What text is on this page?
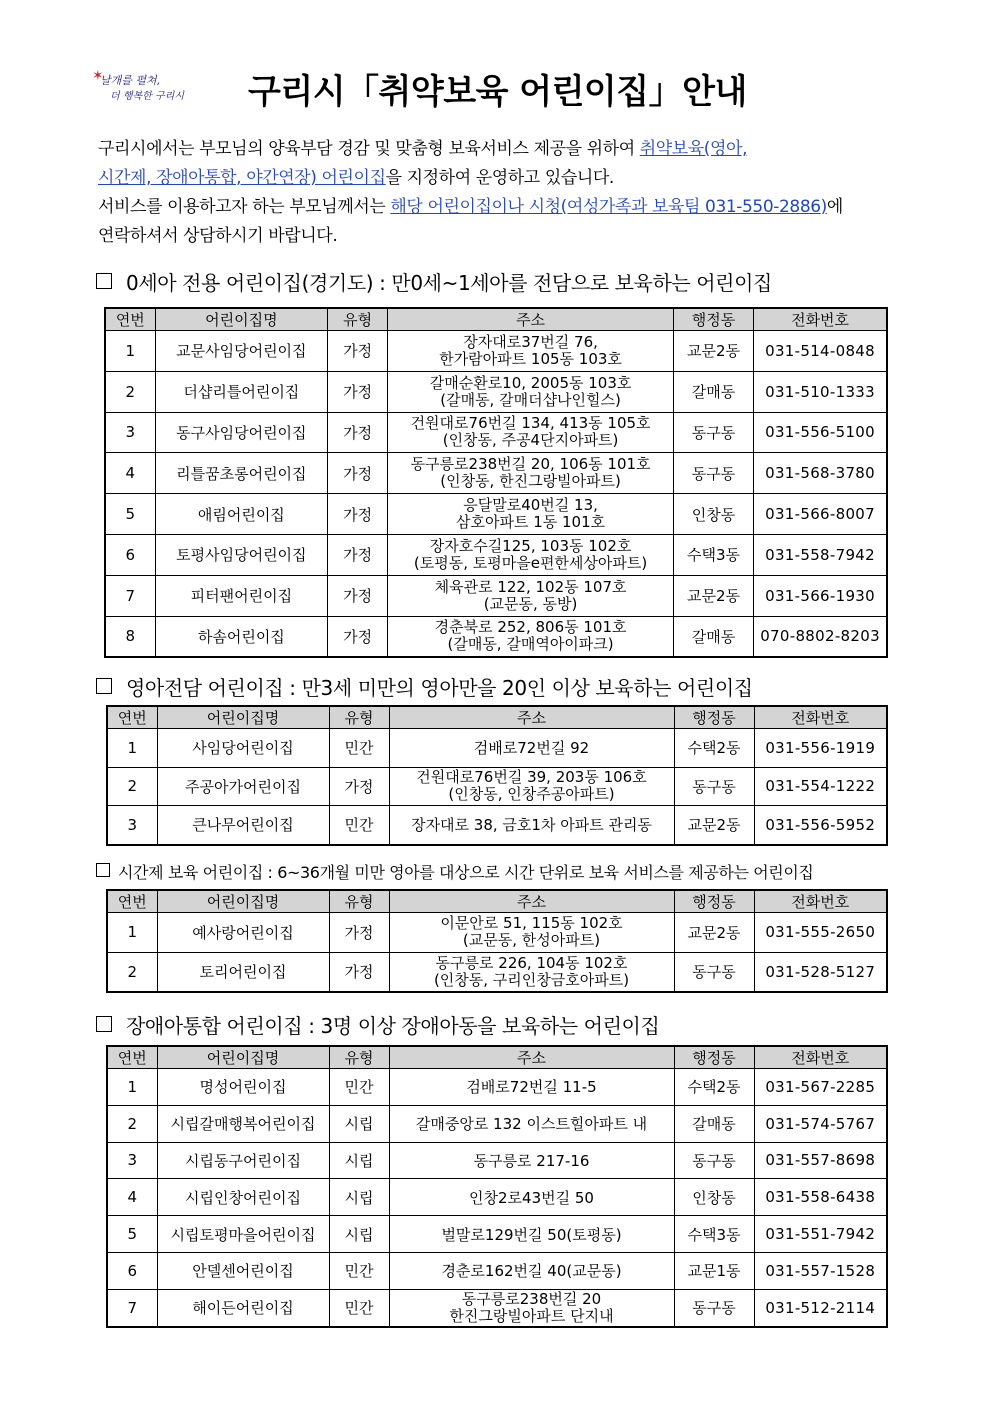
✶
날개를 펼쳐,
더 행복한 구리시 구리시「취약보육 어린이집」안내

구리시에서는 부모님의 양육부담 경감 및 맞춤형 보육서비스 제공을 위하여 취약보육(영아,
시간제, 장애아통합, 야간연장) 어린이집을 지정하여 운영하고 있습니다.

서비스를 이용하고자 하는 부모님께서는 해당 어린이집이나 시청(여성가족과 보육팀 031-550-2886)에
연락하셔서 상담하시기 바랍니다.

0세아 전용 어린이집(경기도) : 만0세~1세아를 전담으로 보육하는 어린이집
연번	어린이집명	유형	주소	행정동	전화번호
1	교문사임당어린이집	가정	장자대로37번길 76,
한가람아파트 105동 103호	교문2동	031-514-0848
2	더샵리틀어린이집	가정	갈매순환로10, 2005동 103호
(갈매동, 갈매더샵나인힐스)	갈매동	031-510-1333
3	동구사임당어린이집	가정	건원대로76번길 134, 413동 105호
(인창동, 주공4단지아파트)	동구동	031-556-5100
4	리틀꿈초롱어린이집	가정	동구릉로238번길 20, 106동 101호
(인창동, 한진그랑빌아파트)	동구동	031-568-3780
5	애림어린이집	가정	응달말로40번길 13,
삼호아파트 1동 101호	인창동	031-566-8007
6	토평사임당어린이집	가정	장자호수길125, 103동 102호
(토평동, 토평마을e편한세상아파트)	수택3동	031-558-7942
7	피터팬어린이집	가정	체육관로 122, 102동 107호
(교문동, 동방)	교문2동	031-566-1930
8	하솜어린이집	가정	경춘북로 252, 806동 101호
(갈매동, 갈매역아이파크)	갈매동	070-8802-8203
영아전담 어린이집 : 만3세 미만의 영아만을 20인 이상 보육하는 어린이집
연번	어린이집명	유형	주소	행정동	전화번호
1	사임당어린이집	민간	검배로72번길 92	수택2동	031-556-1919
2	주공아가어린이집	가정	건원대로76번길 39, 203동 106호
(인창동, 인창주공아파트)	동구동	031-554-1222
3	큰나무어린이집	민간	장자대로 38, 금호1차 아파트 관리동	교문2동	031-556-5952
시간제 보육 어린이집 : 6~36개월 미만 영아를 대상으로 시간 단위로 보육 서비스를 제공하는 어린이집
연번	어린이집명	유형	주소	행정동	전화번호
1	예사랑어린이집	가정	이문안로 51, 115동 102호
(교문동, 한성아파트)	교문2동	031-555-2650
2	토리어린이집	가정	동구릉로 226, 104동 102호
(인창동, 구리인창금호아파트)	동구동	031-528-5127
장애아통합 어린이집 : 3명 이상 장애아동을 보육하는 어린이집
연번	어린이집명	유형	주소	행정동	전화번호
1	명성어린이집	민간	검배로72번길 11-5	수택2동	031-567-2285
2	시립갈매행복어린이집	시립	갈매중앙로 132 이스트힐아파트 내	갈매동	031-574-5767
3	시립동구어린이집	시립	동구릉로 217-16	동구동	031-557-8698
4	시립인창어린이집	시립	인창2로43번길 50	인창동	031-558-6438
5	시립토평마을어린이집	시립	벌말로129번길 50(토평동)	수택3동	031-551-7942
6	안델센어린이집	민간	경춘로162번길 40(교문동)	교문1동	031-557-1528
7	해이든어린이집	민간	동구릉로238번길 20
한진그랑빌아파트 단지내	동구동	031-512-2114
